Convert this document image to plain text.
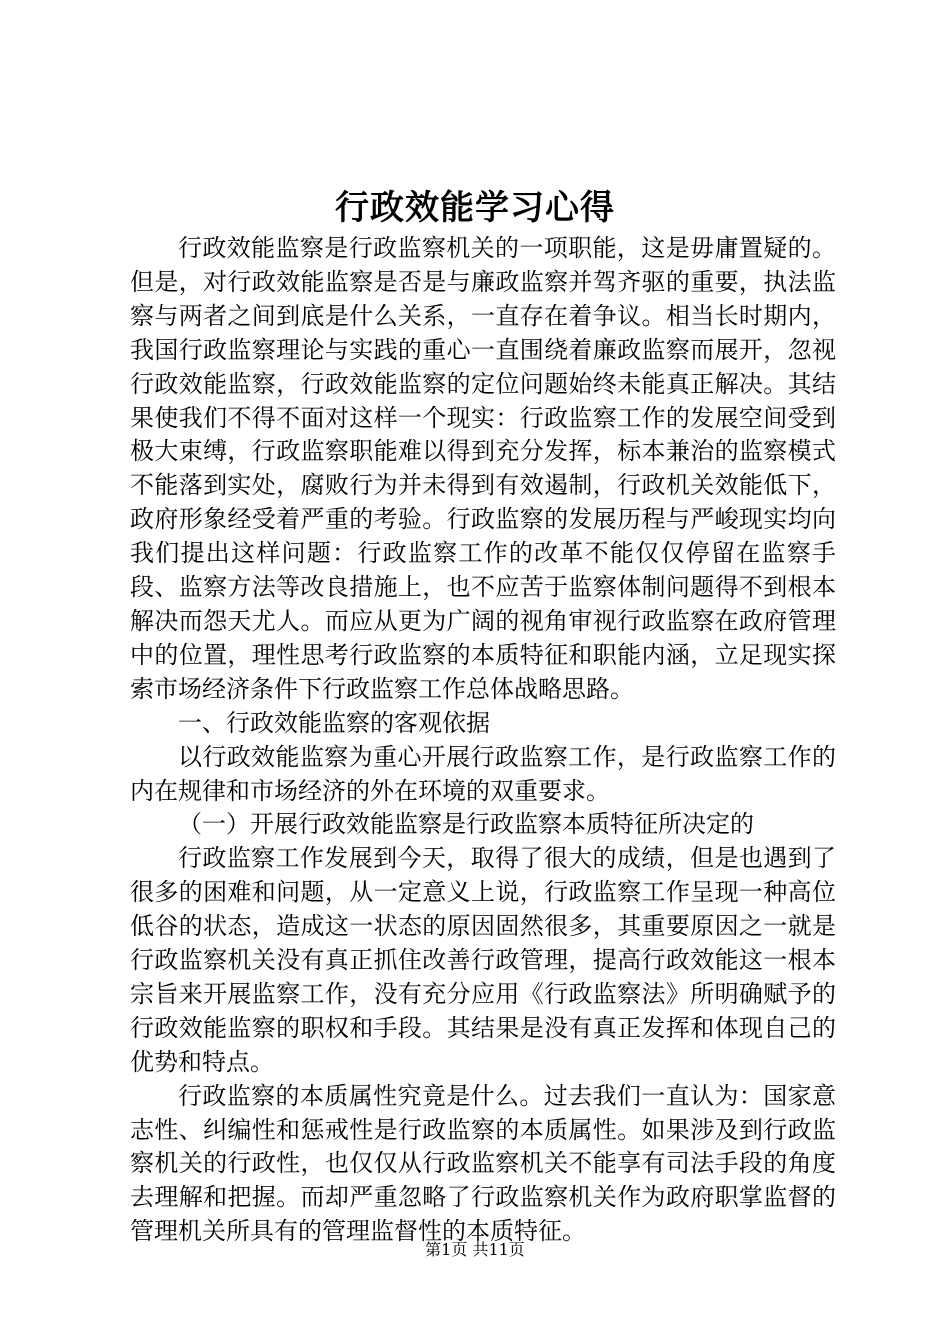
行政效能学习心得

行政效能监察是行政监察机关的一项职能，这是毋庸置疑的。但是，对行政效能监察是否是与廉政监察并驾齐驱的重要，执法监察与两者之间到底是什么关系，一直存在着争议。相当长时期内，我国行政监察理论与实践的重心一直围绕着廉政监察而展开，忽视行政效能监察，行政效能监察的定位问题始终未能真正解决。其结果使我们不得不面对这样一个现实：行政监察工作的发展空间受到极大束缚，行政监察职能难以得到充分发挥，标本兼治的监察模式不能落到实处，腐败行为并未得到有效遏制，行政机关效能低下，政府形象经受着严重的考验。行政监察的发展历程与严峻现实均向我们提出这样问题：行政监察工作的改革不能仅仅停留在监察手段、监察方法等改良措施上，也不应苦于监察体制问题得不到根本解决而怨天尤人。而应从更为广阔的视角审视行政监察在政府管理中的位置，理性思考行政监察的本质特征和职能内涵，立足现实探索市场经济条件下行政监察工作总体战略思路。

一、行政效能监察的客观依据

以行政效能监察为重心开展行政监察工作，是行政监察工作的内在规律和市场经济的外在环境的双重要求。

（一）开展行政效能监察是行政监察本质特征所决定的

行政监察工作发展到今天，取得了很大的成绩，但是也遇到了很多的困难和问题，从一定意义上说，行政监察工作呈现一种高位低谷的状态，造成这一状态的原因固然很多，其重要原因之一就是行政监察机关没有真正抓住改善行政管理，提高行政效能这一根本宗旨来开展监察工作，没有充分应用《行政监察法》所明确赋予的行政效能监察的职权和手段。其结果是没有真正发挥和体现自己的优势和特点。

行政监察的本质属性究竟是什么。过去我们一直认为：国家意志性、纠编性和惩戒性是行政监察的本质属性。如果涉及到行政监察机关的行政性，也仅仅从行政监察机关不能享有司法手段的角度去理解和把握。而却严重忽略了行政监察机关作为政府职掌监督的管理机关所具有的管理监督性的本质特征。

第1页 共11页
